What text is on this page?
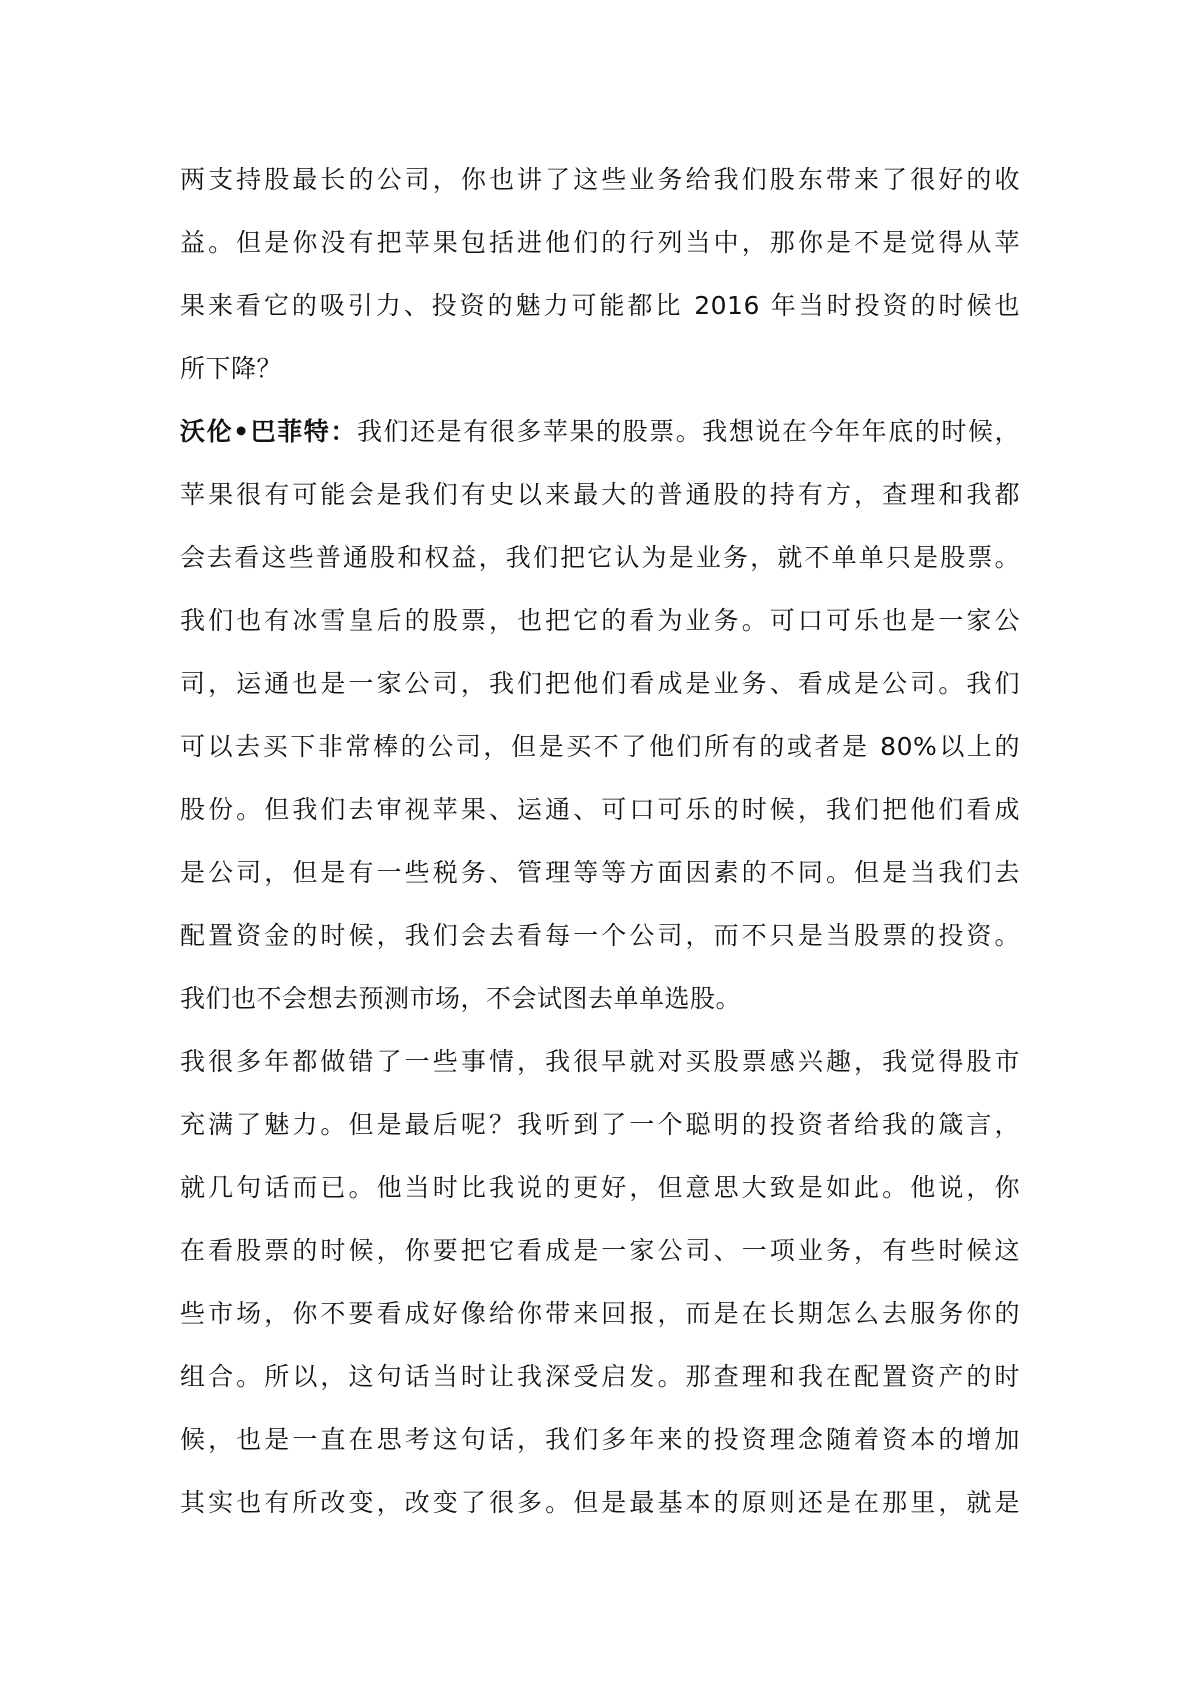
两支持股最长的公司，你也讲了这些业务给我们股东带来了很好的收
益。但是你没有把苹果包括进他们的行列当中，那你是不是觉得从苹
果来看它的吸引力、投资的魅力可能都比 2016 年当时投资的时候也
所下降？
沃伦•巴菲特：我们还是有很多苹果的股票。我想说在今年年底的时候，
苹果很有可能会是我们有史以来最大的普通股的持有方，查理和我都
会去看这些普通股和权益，我们把它认为是业务，就不单单只是股票。
我们也有冰雪皇后的股票，也把它的看为业务。可口可乐也是一家公
司，运通也是一家公司，我们把他们看成是业务、看成是公司。我们
可以去买下非常棒的公司，但是买不了他们所有的或者是 80%以上的
股份。但我们去审视苹果、运通、可口可乐的时候，我们把他们看成
是公司，但是有一些税务、管理等等方面因素的不同。但是当我们去
配置资金的时候，我们会去看每一个公司，而不只是当股票的投资。
我们也不会想去预测市场，不会试图去单单选股。
我很多年都做错了一些事情，我很早就对买股票感兴趣，我觉得股市
充满了魅力。但是最后呢？我听到了一个聪明的投资者给我的箴言，
就几句话而已。他当时比我说的更好，但意思大致是如此。他说，你
在看股票的时候，你要把它看成是一家公司、一项业务，有些时候这
些市场，你不要看成好像给你带来回报，而是在长期怎么去服务你的
组合。所以，这句话当时让我深受启发。那查理和我在配置资产的时
候，也是一直在思考这句话，我们多年来的投资理念随着资本的增加
其实也有所改变，改变了很多。但是最基本的原则还是在那里，就是
